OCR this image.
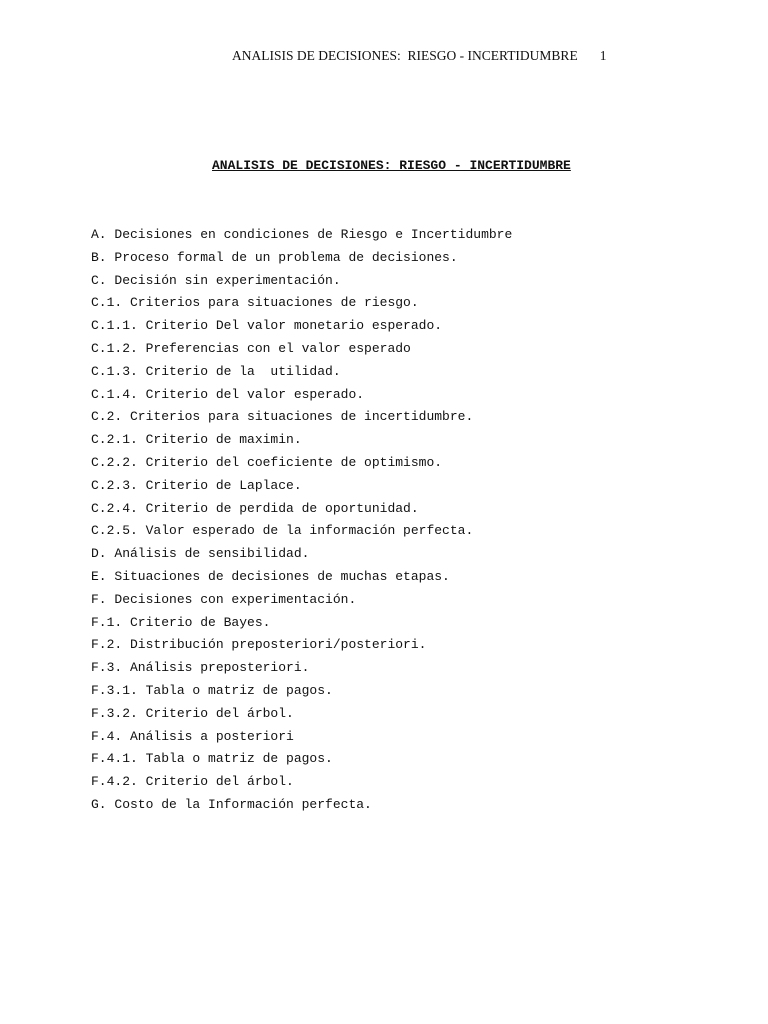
ANALISIS DE DECISIONES:  RIESGO - INCERTIDUMBRE 1
ANALISIS DE DECISIONES: RIESGO - INCERTIDUMBRE
A. Decisiones en condiciones de Riesgo e Incertidumbre
B. Proceso formal de un problema de decisiones.
C. Decisión sin experimentación.
C.1. Criterios para situaciones de riesgo.
C.1.1. Criterio Del valor monetario esperado.
C.1.2. Preferencias con el valor esperado
C.1.3. Criterio de la  utilidad.
C.1.4. Criterio del valor esperado.
C.2. Criterios para situaciones de incertidumbre.
C.2.1. Criterio de maximin.
C.2.2. Criterio del coeficiente de optimismo.
C.2.3. Criterio de Laplace.
C.2.4. Criterio de perdida de oportunidad.
C.2.5. Valor esperado de la información perfecta.
D. Análisis de sensibilidad.
E. Situaciones de decisiones de muchas etapas.
F. Decisiones con experimentación.
F.1. Criterio de Bayes.
F.2. Distribución preposteriori/posteriori.
F.3. Análisis preposteriori.
F.3.1. Tabla o matriz de pagos.
F.3.2. Criterio del árbol.
F.4. Análisis a posteriori
F.4.1. Tabla o matriz de pagos.
F.4.2. Criterio del árbol.
G. Costo de la Información perfecta.
